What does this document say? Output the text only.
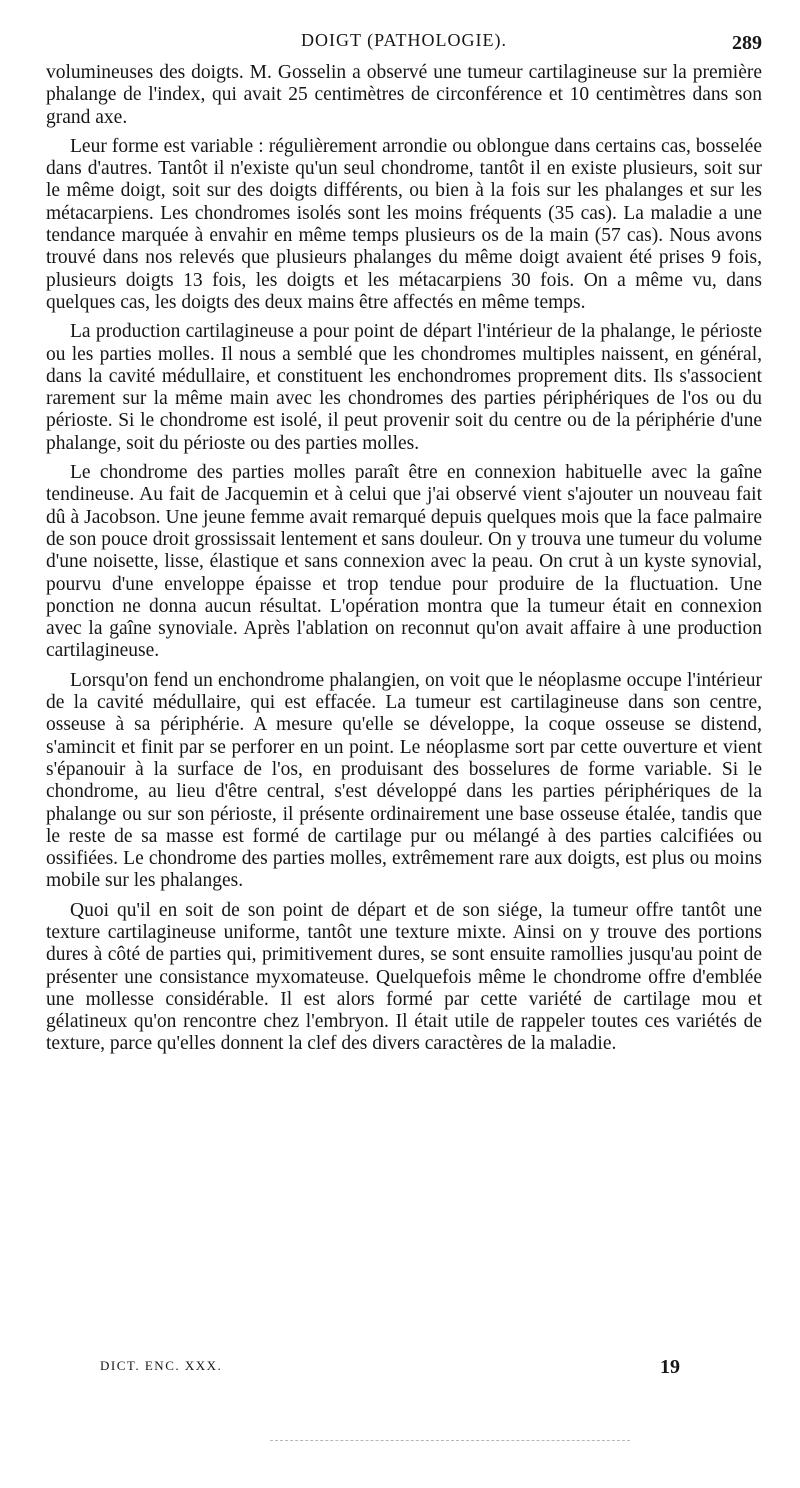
DOIGT (PATHOLOGIE).	289

volumineuses des doigts. M. Gosselin a observé une tumeur cartilagineuse sur la première phalange de l'index, qui avait 25 centimètres de circonférence et 10 centimètres dans son grand axe.

Leur forme est variable : régulièrement arrondie ou oblongue dans certains cas, bosselée dans d'autres. Tantôt il n'existe qu'un seul chondrome, tantôt il en existe plusieurs, soit sur le même doigt, soit sur des doigts différents, ou bien à la fois sur les phalanges et sur les métacarpiens. Les chondromes isolés sont les moins fréquents (35 cas). La maladie a une tendance marquée à envahir en même temps plusieurs os de la main (57 cas). Nous avons trouvé dans nos relevés que plusieurs phalanges du même doigt avaient été prises 9 fois, plusieurs doigts 13 fois, les doigts et les métacarpiens 30 fois. On a même vu, dans quelques cas, les doigts des deux mains être affectés en même temps.

La production cartilagineuse a pour point de départ l'intérieur de la phalange, le périoste ou les parties molles. Il nous a semblé que les chondromes multiples naissent, en général, dans la cavité médullaire, et constituent les enchondromes proprement dits. Ils s'associent rarement sur la même main avec les chondromes des parties périphériques de l'os ou du périoste. Si le chondrome est isolé, il peut provenir soit du centre ou de la périphérie d'une phalange, soit du périoste ou des parties molles.

Le chondrome des parties molles paraît être en connexion habituelle avec la gaîne tendineuse. Au fait de Jacquemin et à celui que j'ai observé vient s'ajouter un nouveau fait dû à Jacobson. Une jeune femme avait remarqué depuis quelques mois que la face palmaire de son pouce droit grossissait lentement et sans douleur. On y trouva une tumeur du volume d'une noisette, lisse, élastique et sans connexion avec la peau. On crut à un kyste synovial, pourvu d'une enveloppe épaisse et trop tendue pour produire de la fluctuation. Une ponction ne donna aucun résultat. L'opération montra que la tumeur était en connexion avec la gaîne synoviale. Après l'ablation on reconnut qu'on avait affaire à une production cartilagineuse.

Lorsqu'on fend un enchondrome phalangien, on voit que le néoplasme occupe l'intérieur de la cavité médullaire, qui est effacée. La tumeur est cartilagineuse dans son centre, osseuse à sa périphérie. A mesure qu'elle se développe, la coque osseuse se distend, s'amincit et finit par se perforer en un point. Le néoplasme sort par cette ouverture et vient s'épanouir à la surface de l'os, en produisant des bosselures de forme variable. Si le chondrome, au lieu d'être central, s'est développé dans les parties périphériques de la phalange ou sur son périoste, il présente ordinairement une base osseuse étalée, tandis que le reste de sa masse est formé de cartilage pur ou mélangé à des parties calcifiées ou ossifiées. Le chondrome des parties molles, extrêmement rare aux doigts, est plus ou moins mobile sur les phalanges.

Quoi qu'il en soit de son point de départ et de son siége, la tumeur offre tantôt une texture cartilagineuse uniforme, tantôt une texture mixte. Ainsi on y trouve des portions dures à côté de parties qui, primitivement dures, se sont ensuite ramollies jusqu'au point de présenter une consistance myxomateuse. Quelquefois même le chondrome offre d'emblée une mollesse considérable. Il est alors formé par cette variété de cartilage mou et gélatineux qu'on rencontre chez l'embryon. Il était utile de rappeler toutes ces variétés de texture, parce qu'elles donnent la clef des divers caractères de la maladie.

DICT. ENC. XXX.	19
